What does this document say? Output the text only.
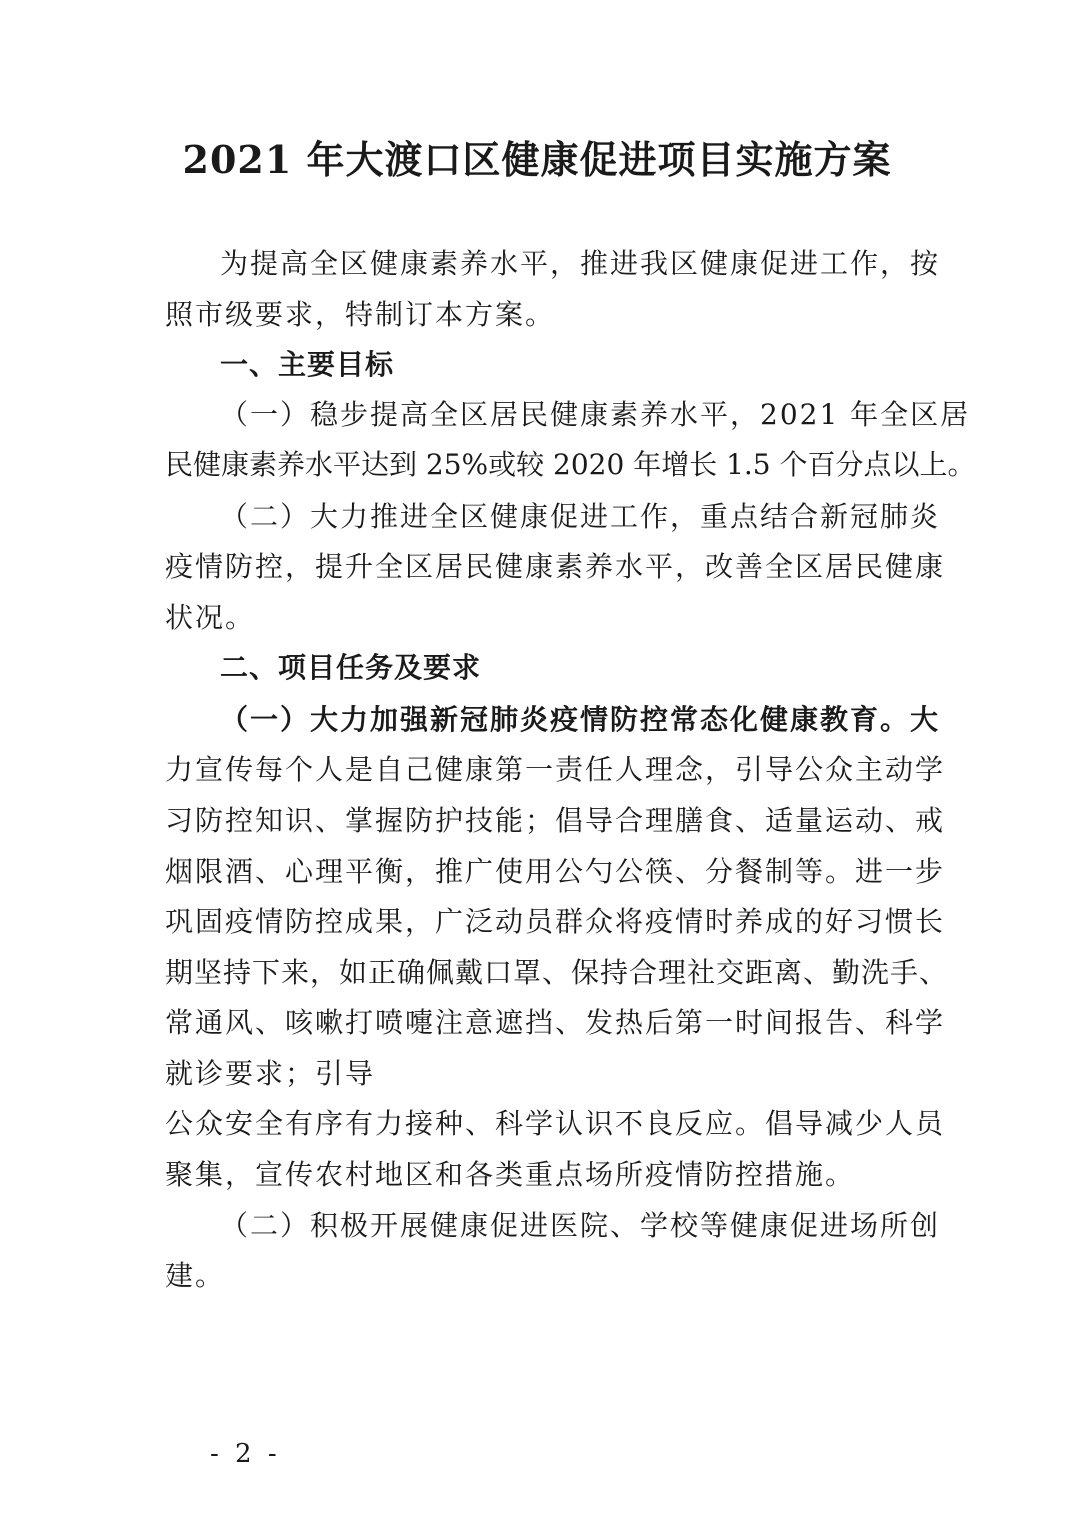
2021 年大渡口区健康促进项目实施方案
为提高全区健康素养水平，推进我区健康促进工作，按
照市级要求，特制订本方案。
一、主要目标
（一）稳步提高全区居民健康素养水平，2021 年全区居
民健康素养水平达到 25%或较 2020 年增长 1.5 个百分点以上。
（二）大力推进全区健康促进工作，重点结合新冠肺炎
疫情防控，提升全区居民健康素养水平，改善全区居民健康
状况。
二、项目任务及要求
（一）大力加强新冠肺炎疫情防控常态化健康教育。大
力宣传每个人是自己健康第一责任人理念，引导公众主动学
习防控知识、掌握防护技能；倡导合理膳食、适量运动、戒
烟限酒、心理平衡，推广使用公勺公筷、分餐制等。进一步
巩固疫情防控成果，广泛动员群众将疫情时养成的好习惯长
期坚持下来，如正确佩戴口罩、保持合理社交距离、勤洗手、
常通风、咳嗽打喷嚏注意遮挡、发热后第一时间报告、科学
就诊要求；引导
公众安全有序有力接种、科学认识不良反应。倡导减少人员
聚集，宣传农村地区和各类重点场所疫情防控措施。
（二）积极开展健康促进医院、学校等健康促进场所创
建。
- 2 -
